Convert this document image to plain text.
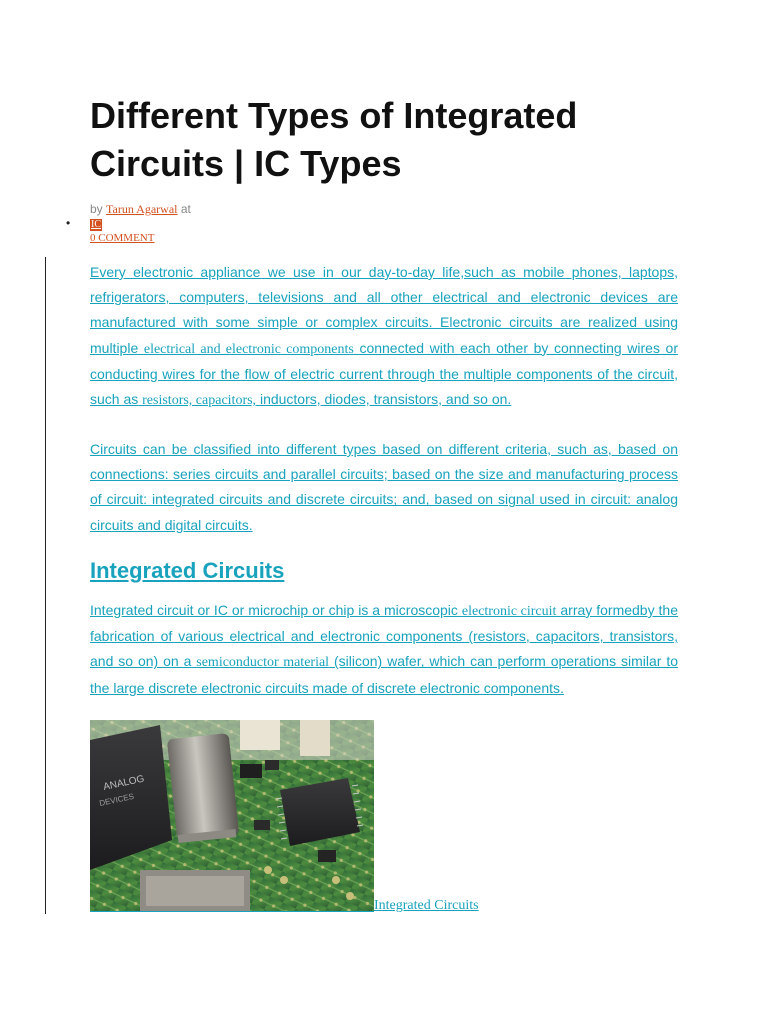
Different Types of Integrated Circuits | IC Types
by Tarun Agarwal at
• IC
0 COMMENT

Every electronic appliance we use in our day-to-day life,such as mobile phones, laptops, refrigerators, computers, televisions and all other electrical and electronic devices are manufactured with some simple or complex circuits. Electronic circuits are realized using multiple electrical and electronic components connected with each other by connecting wires or conducting wires for the flow of electric current through the multiple components of the circuit, such as resistors, capacitors, inductors, diodes, transistors, and so on.

Circuits can be classified into different types based on different criteria, such as, based on connections: series circuits and parallel circuits; based on the size and manufacturing process of circuit: integrated circuits and discrete circuits; and, based on signal used in circuit: analog circuits and digital circuits.

Integrated Circuits

Integrated circuit or IC or microchip or chip is a microscopic electronic circuit array formedby the fabrication of various electrical and electronic components (resistors, capacitors, transistors, and so on) on a semiconductor material (silicon) wafer, which can perform operations similar to the large discrete electronic circuits made of discrete electronic components.

ANALOG
DEVICES
Integrated Circuits
